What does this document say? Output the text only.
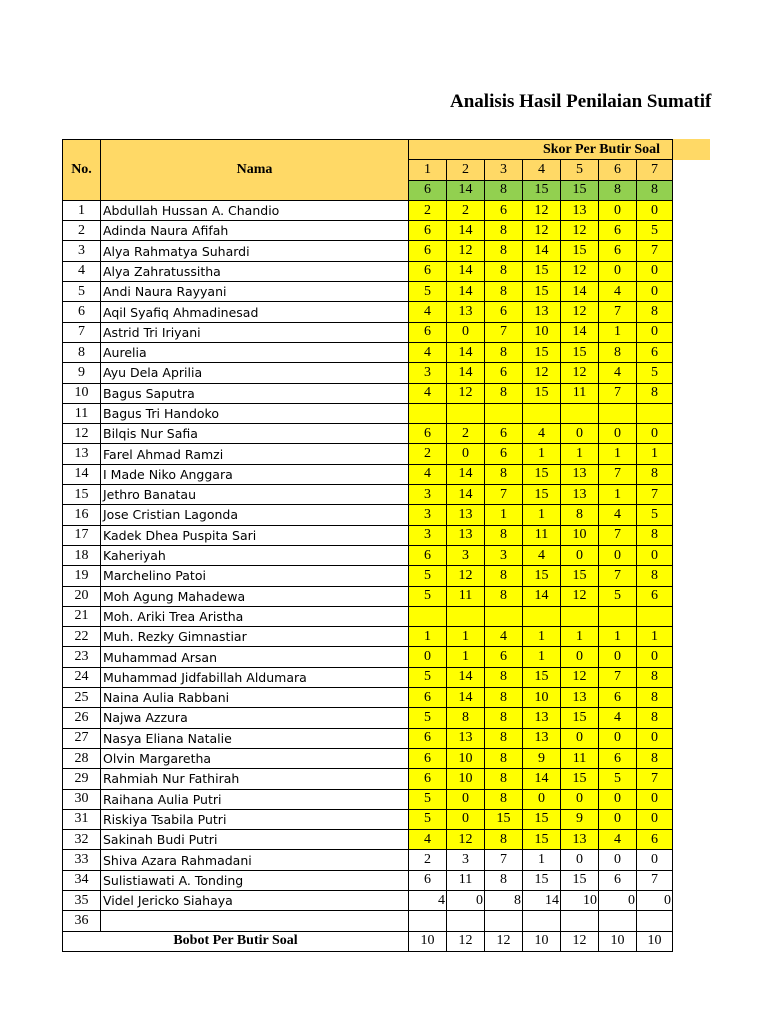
Analisis Hasil Penilaian Sumatif
No.	Nama	Skor Per Butir Soal						
		1	2	3	4	5	6	7
		6	14	8	15	15	8	8
1	Abdullah Hussan A. Chandio	2	2	6	12	13	0	0
2	Adinda Naura Afifah	6	14	8	12	12	6	5
3	Alya Rahmatya Suhardi	6	12	8	14	15	6	7
4	Alya Zahratussitha	6	14	8	15	12	0	0
5	Andi Naura Rayyani	5	14	8	15	14	4	0
6	Aqil Syafiq Ahmadinesad	4	13	6	13	12	7	8
7	Astrid Tri Iriyani	6	0	7	10	14	1	0
8	Aurelia	4	14	8	15	15	8	6
9	Ayu Dela Aprilia	3	14	6	12	12	4	5
10	Bagus Saputra	4	12	8	15	11	7	8
11	Bagus Tri Handoko							
12	Bilqis Nur Safia	6	2	6	4	0	0	0
13	Farel Ahmad Ramzi	2	0	6	1	1	1	1
14	I Made Niko Anggara	4	14	8	15	13	7	8
15	Jethro Banatau	3	14	7	15	13	1	7
16	Jose Cristian Lagonda	3	13	1	1	8	4	5
17	Kadek Dhea Puspita Sari	3	13	8	11	10	7	8
18	Kaheriyah	6	3	3	4	0	0	0
19	Marchelino Patoi	5	12	8	15	15	7	8
20	Moh Agung Mahadewa	5	11	8	14	12	5	6
21	Moh. Ariki Trea Aristha							
22	Muh. Rezky Gimnastiar	1	1	4	1	1	1	1
23	Muhammad Arsan	0	1	6	1	0	0	0
24	Muhammad Jidfabillah Aldumara	5	14	8	15	12	7	8
25	Naina Aulia Rabbani	6	14	8	10	13	6	8
26	Najwa Azzura	5	8	8	13	15	4	8
27	Nasya Eliana Natalie	6	13	8	13	0	0	0
28	Olvin Margaretha	6	10	8	9	11	6	8
29	Rahmiah Nur Fathirah	6	10	8	14	15	5	7
30	Raihana Aulia Putri	5	0	8	0	0	0	0
31	Riskiya Tsabila Putri	5	0	15	15	9	0	0
32	Sakinah Budi Putri	4	12	8	15	13	4	6
33	Shiva Azara Rahmadani	2	3	7	1	0	0	0
34	Sulistiawati A. Tonding	6	11	8	15	15	6	7
35	Videl Jericko Siahaya	4	0	8	14	10	0	0
36								
Bobot Per Butir Soal		10	12	12	10	12	10	10
